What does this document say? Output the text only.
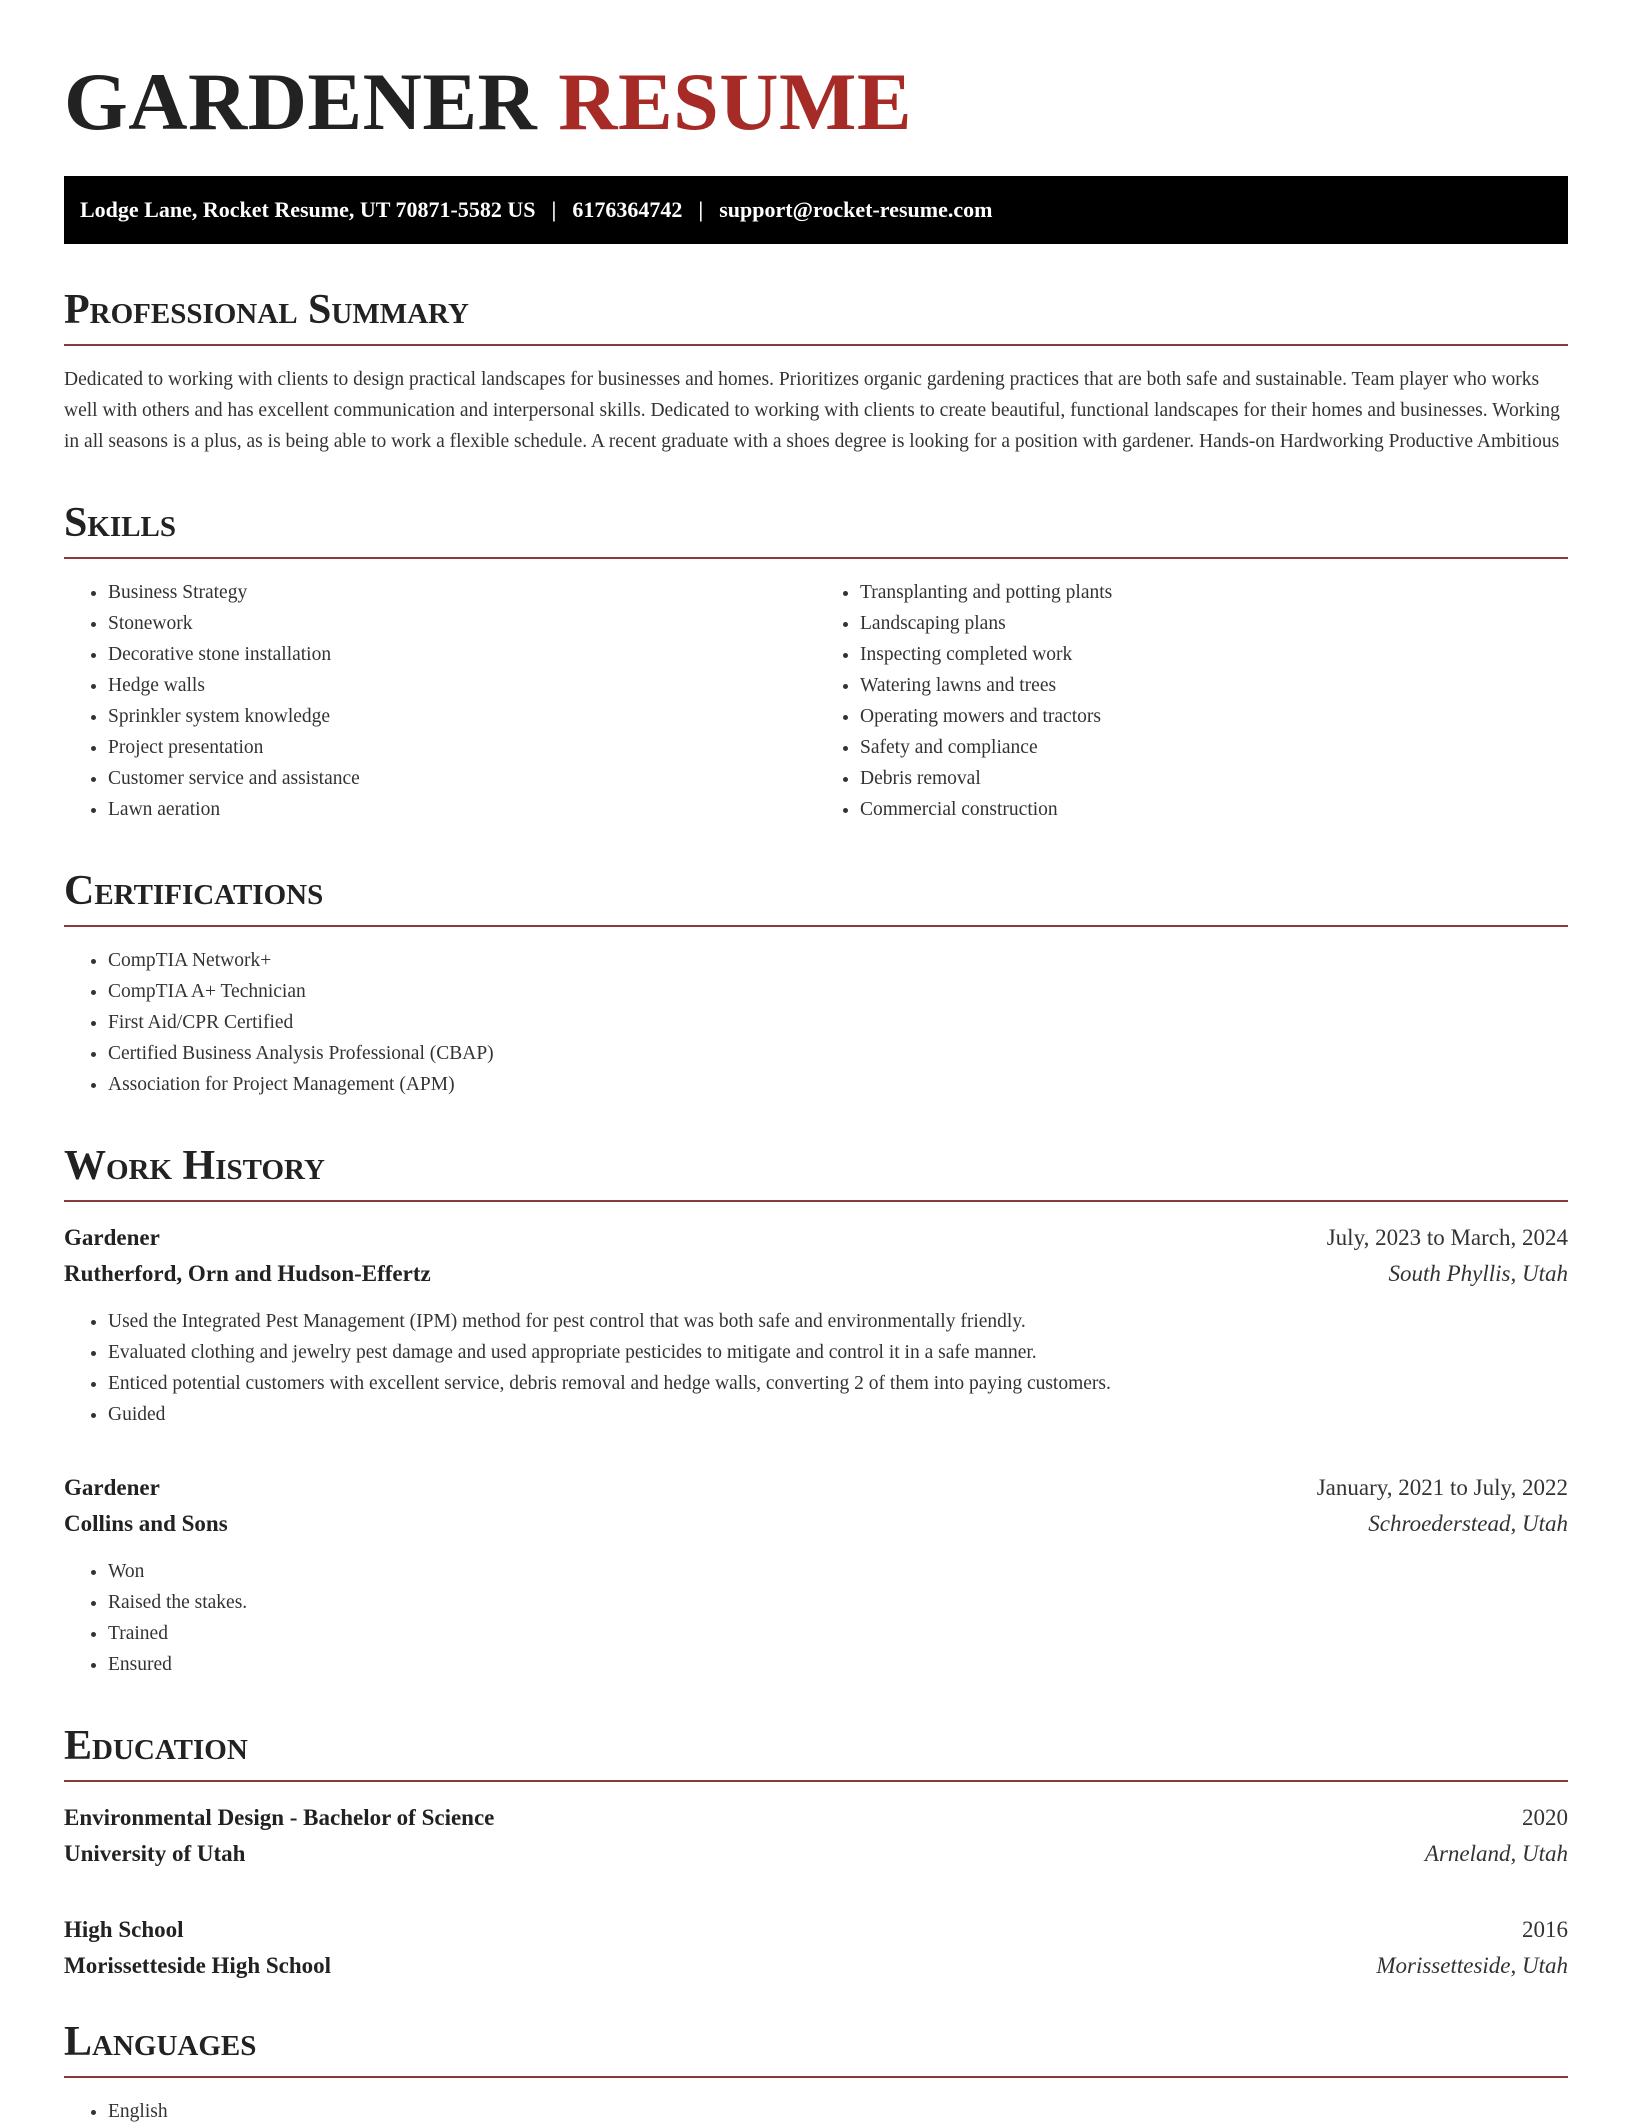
GARDENER RESUME
Lodge Lane, Rocket Resume, UT 70871-5582 US | 6176364742 | support@rocket-resume.com
Professional Summary

Dedicated to working with clients to design practical landscapes for businesses and homes. Prioritizes organic gardening practices that are both safe and sustainable. Team player who works well with others and has excellent communication and interpersonal skills. Dedicated to working with clients to create beautiful, functional landscapes for their homes and businesses. Working in all seasons is a plus, as is being able to work a flexible schedule. A recent graduate with a shoes degree is looking for a position with gardener. Hands-on Hardworking Productive Ambitious

Skills
• Business Strategy
• Stonework
• Decorative stone installation
• Hedge walls
• Sprinkler system knowledge
• Project presentation
• Customer service and assistance
• Lawn aeration
• Transplanting and potting plants
• Landscaping plans
• Inspecting completed work
• Watering lawns and trees
• Operating mowers and tractors
• Safety and compliance
• Debris removal
• Commercial construction
Certifications
• CompTIA Network+
• CompTIA A+ Technician
• First Aid/CPR Certified
• Certified Business Analysis Professional (CBAP)
• Association for Project Management (APM)
Work History
Gardener	July, 2023 to March, 2024
Rutherford, Orn and Hudson-Effertz	South Phyllis, Utah
• Used the Integrated Pest Management (IPM) method for pest control that was both safe and environmentally friendly.
• Evaluated clothing and jewelry pest damage and used appropriate pesticides to mitigate and control it in a safe manner.
• Enticed potential customers with excellent service, debris removal and hedge walls, converting 2 of them into paying customers.
• Guided
Gardener	January, 2021 to July, 2022
Collins and Sons	Schroederstead, Utah
• Won
• Raised the stakes.
• Trained
• Ensured
Education
Environmental Design - Bachelor of Science	2020
University of Utah	Arneland, Utah
High School	2016
Morissetteside High School	Morissetteside, Utah
Languages
• English
